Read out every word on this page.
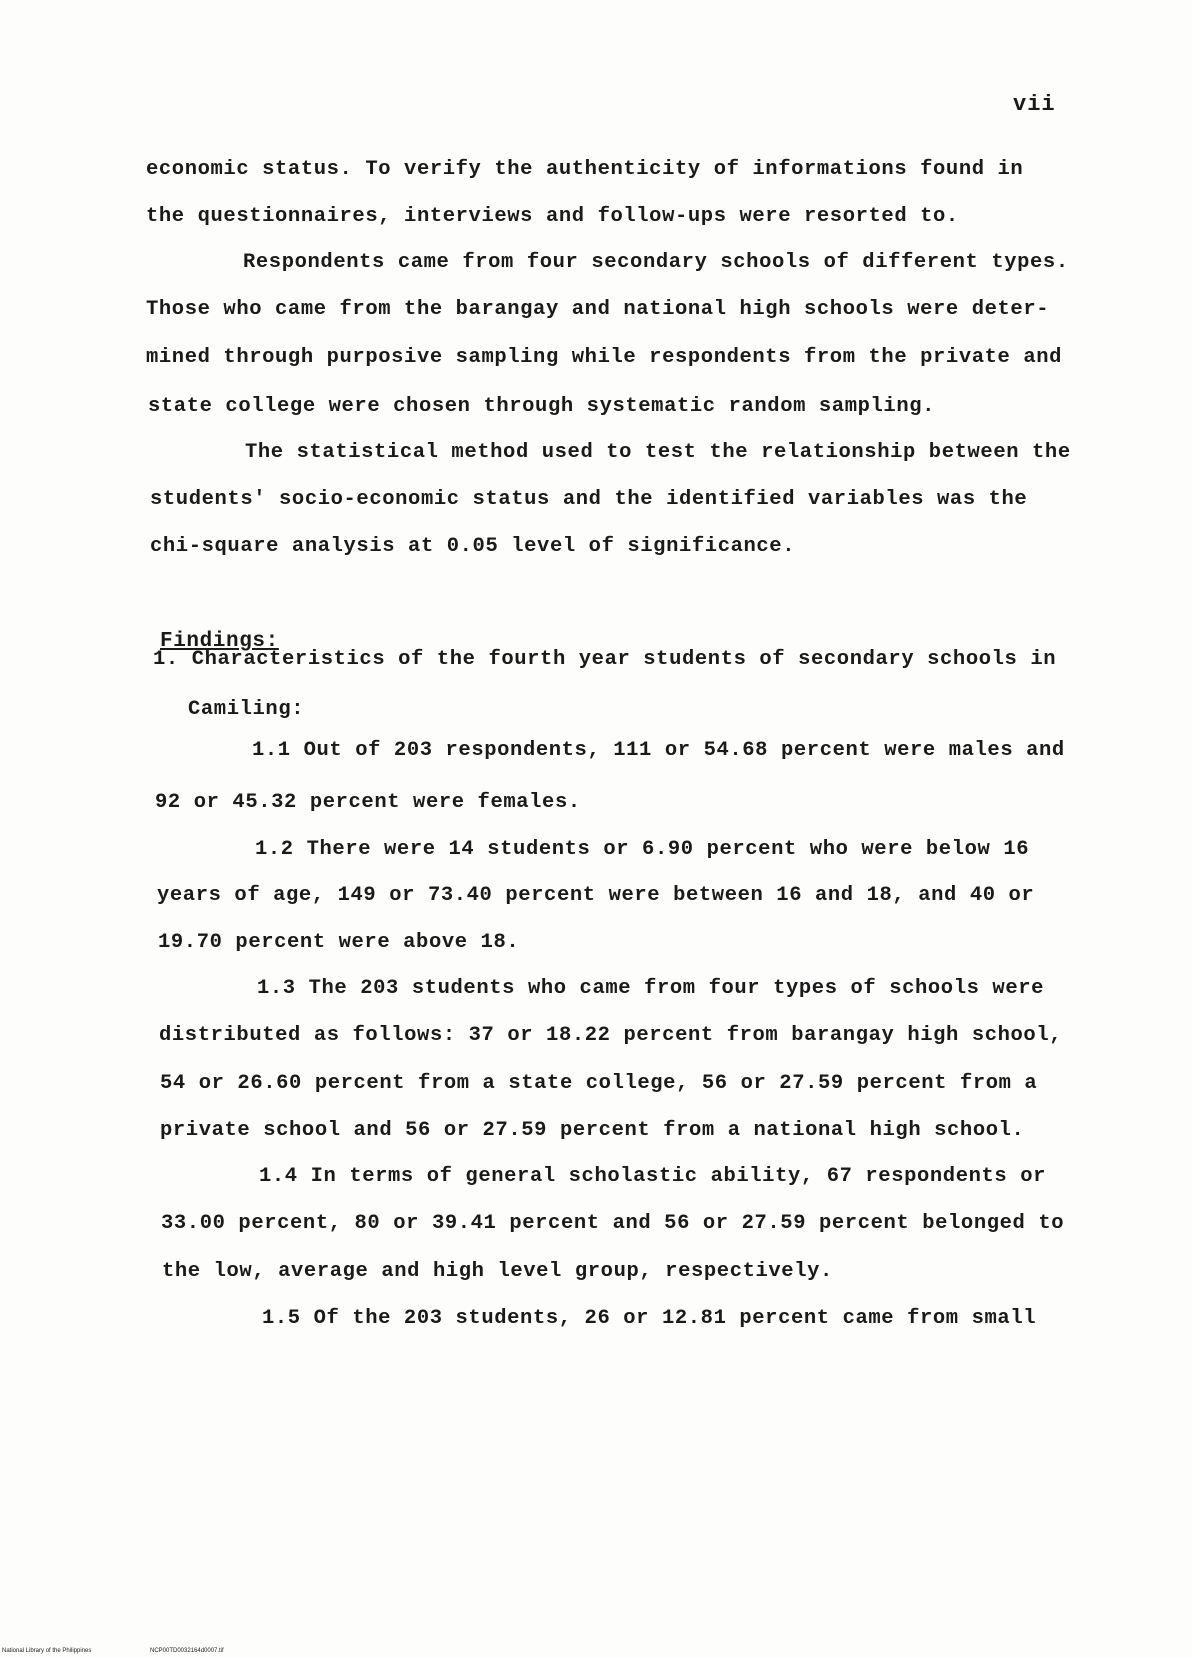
vii
economic status. To verify the authenticity of informations found in
the questionnaires, interviews and follow-ups were resorted to.
Respondents came from four secondary schools of different types.
Those who came from the barangay and national high schools were deter-
mined through purposive sampling while respondents from the private and
state college were chosen through systematic random sampling.
The statistical method used to test the relationship between the
students' socio-economic status and the identified variables was the
chi-square analysis at 0.05 level of significance.
Findings:
1. Characteristics of the fourth year students of secondary schools in
Camiling:
1.1 Out of 203 respondents, 111 or 54.68 percent were males and
92 or 45.32 percent were females.
1.2 There were 14 students or 6.90 percent who were below 16
years of age, 149 or 73.40 percent were between 16 and 18, and 40 or
19.70 percent were above 18.
1.3 The 203 students who came from four types of schools were
distributed as follows: 37 or 18.22 percent from barangay high school,
54 or 26.60 percent from a state college, 56 or 27.59 percent from a
private school and 56 or 27.59 percent from a national high school.
1.4 In terms of general scholastic ability, 67 respondents or
33.00 percent, 80 or 39.41 percent and 56 or 27.59 percent belonged to
the low, average and high level group, respectively.
1.5 Of the 203 students, 26 or 12.81 percent came from small
National Library of the Philippines	NCP00TD0032164d0007.tif
